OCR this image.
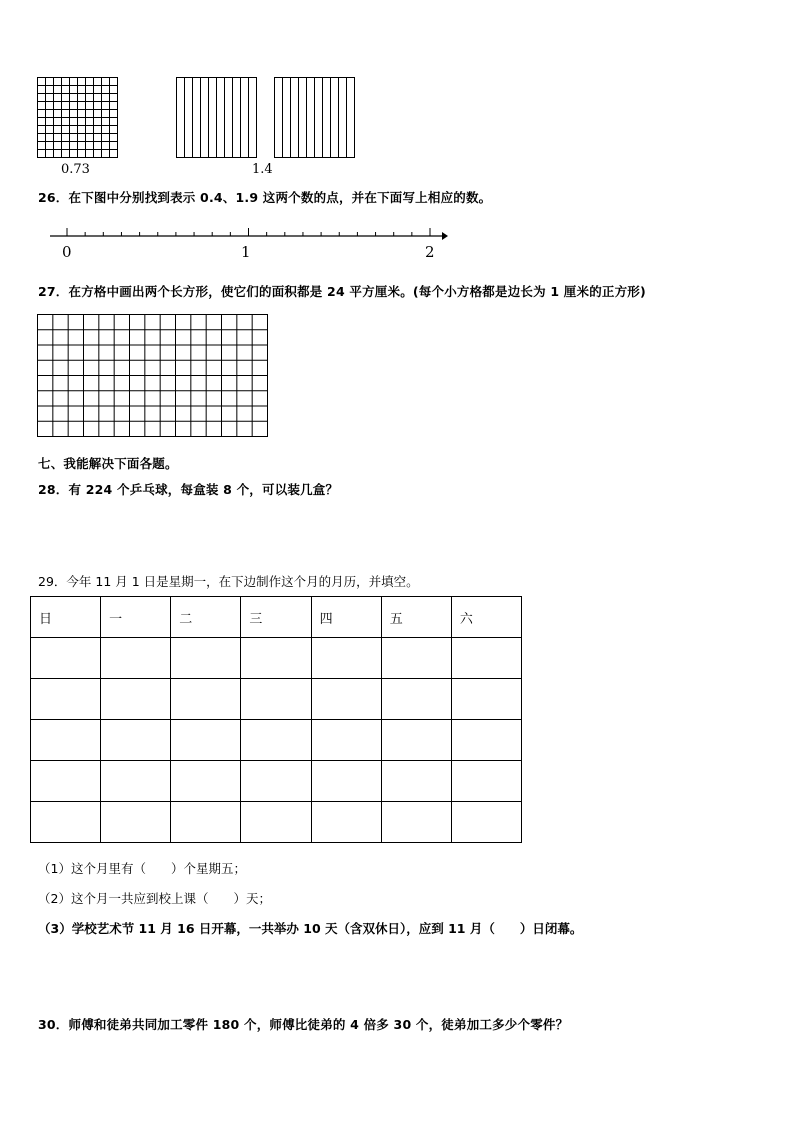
0.73	1.4
26．在下图中分别找到表示 0.4、1.9 这两个数的点，并在下面写上相应的数。
0	1	2
27．在方格中画出两个长方形，使它们的面积都是 24 平方厘米。(每个小方格都是边长为 1 厘米的正方形)
七、我能解决下面各题。
28．有 224 个乒乓球，每盒装 8 个，可以装几盒？
29．今年 11 月 1 日是星期一，在下边制作这个月的月历，并填空。
日	一	二	三	四	五	六

（1）这个月里有（　　）个星期五；
（2）这个月一共应到校上课（　　）天；
（3）学校艺术节 11 月 16 日开幕，一共举办 10 天（含双休日），应到 11 月（　　）日闭幕。
30．师傅和徒弟共同加工零件 180 个，师傅比徒弟的 4 倍多 30 个，徒弟加工多少个零件？
